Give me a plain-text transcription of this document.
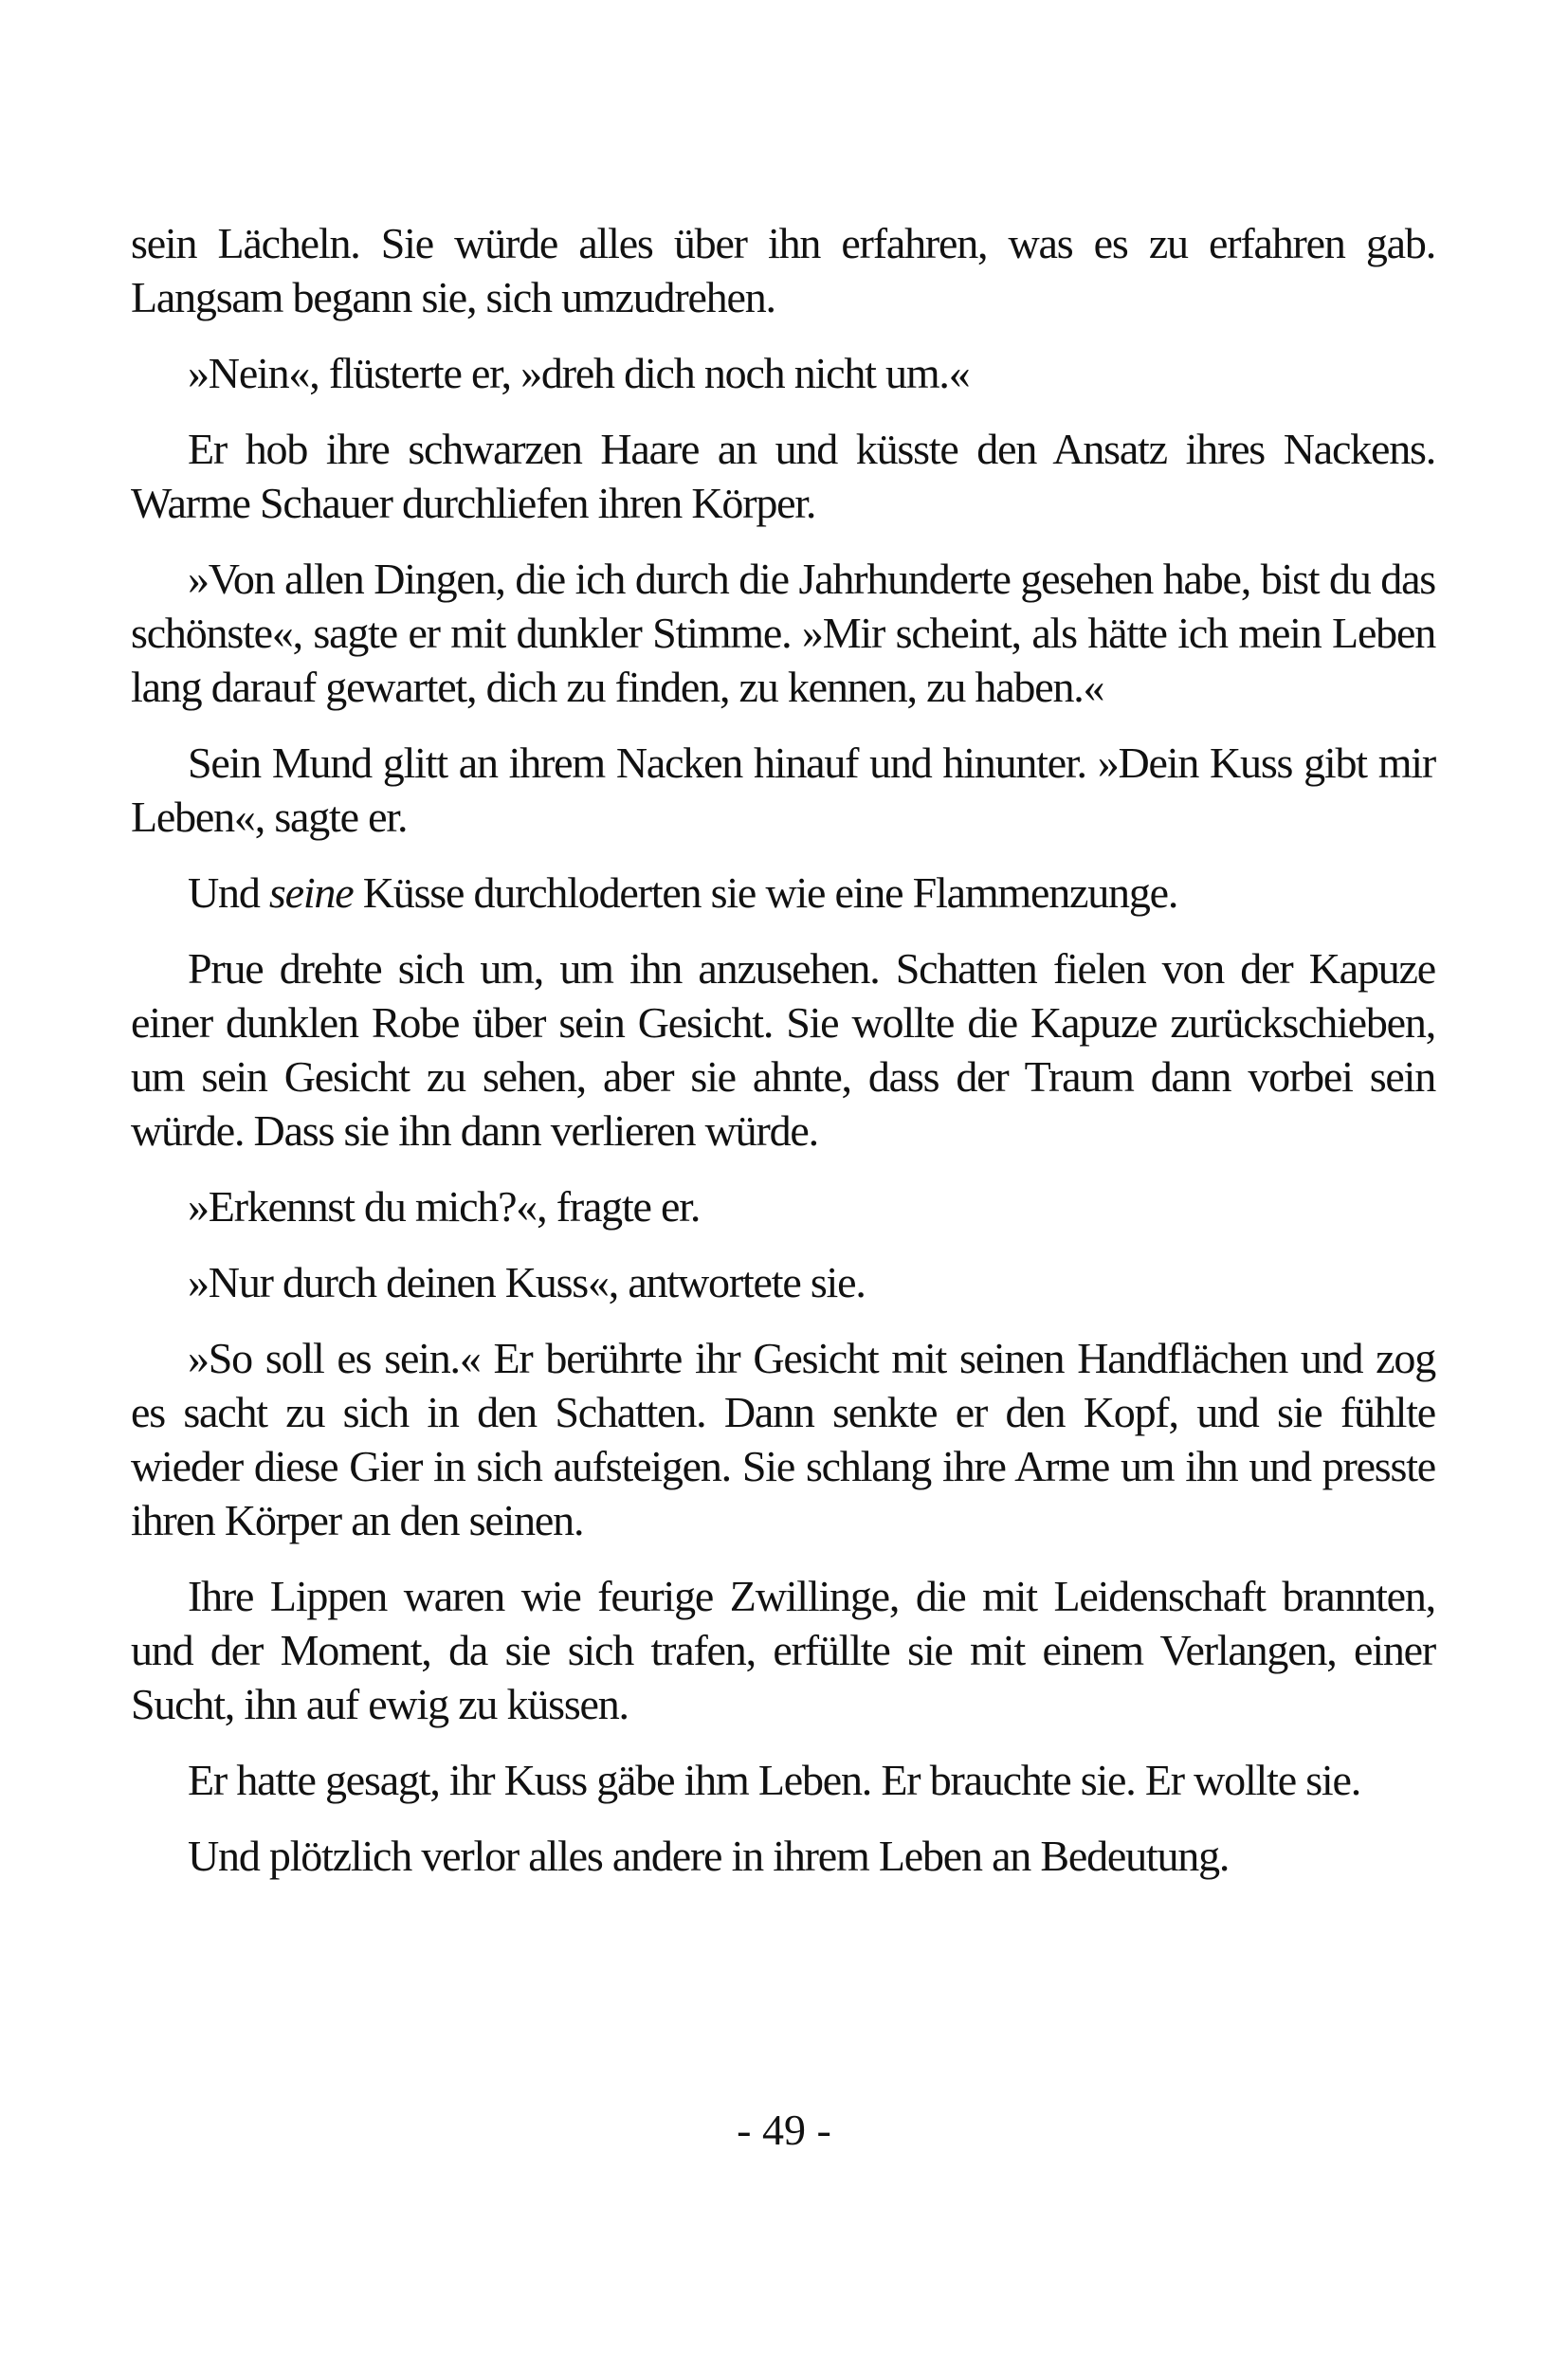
sein Lächeln. Sie würde alles über ihn erfahren, was es zu erfahren gab. Langsam begann sie, sich umzudrehen.

»Nein«, flüsterte er, »dreh dich noch nicht um.«

Er hob ihre schwarzen Haare an und küsste den Ansatz ihres Nackens. Warme Schauer durchliefen ihren Körper.

»Von allen Dingen, die ich durch die Jahrhunderte gesehen habe, bist du das schönste«, sagte er mit dunkler Stimme. »Mir scheint, als hätte ich mein Leben lang darauf gewartet, dich zu finden, zu kennen, zu haben.«

Sein Mund glitt an ihrem Nacken hinauf und hinunter. »Dein Kuss gibt mir Leben«, sagte er.

Und seine Küsse durchloderten sie wie eine Flammenzunge.

Prue drehte sich um, um ihn anzusehen. Schatten fielen von der Kapuze einer dunklen Robe über sein Gesicht. Sie wollte die Kapuze zurückschieben, um sein Gesicht zu sehen, aber sie ahnte, dass der Traum dann vorbei sein würde. Dass sie ihn dann verlieren würde.

»Erkennst du mich?«, fragte er.

»Nur durch deinen Kuss«, antwortete sie.

»So soll es sein.« Er berührte ihr Gesicht mit seinen Handflächen und zog es sacht zu sich in den Schatten. Dann senkte er den Kopf, und sie fühlte wieder diese Gier in sich aufsteigen. Sie schlang ihre Arme um ihn und presste ihren Körper an den seinen.

Ihre Lippen waren wie feurige Zwillinge, die mit Leidenschaft brannten, und der Moment, da sie sich trafen, erfüllte sie mit einem Verlangen, einer Sucht, ihn auf ewig zu küssen.

Er hatte gesagt, ihr Kuss gäbe ihm Leben. Er brauchte sie. Er wollte sie.

Und plötzlich verlor alles andere in ihrem Leben an Bedeutung.

- 49 -
